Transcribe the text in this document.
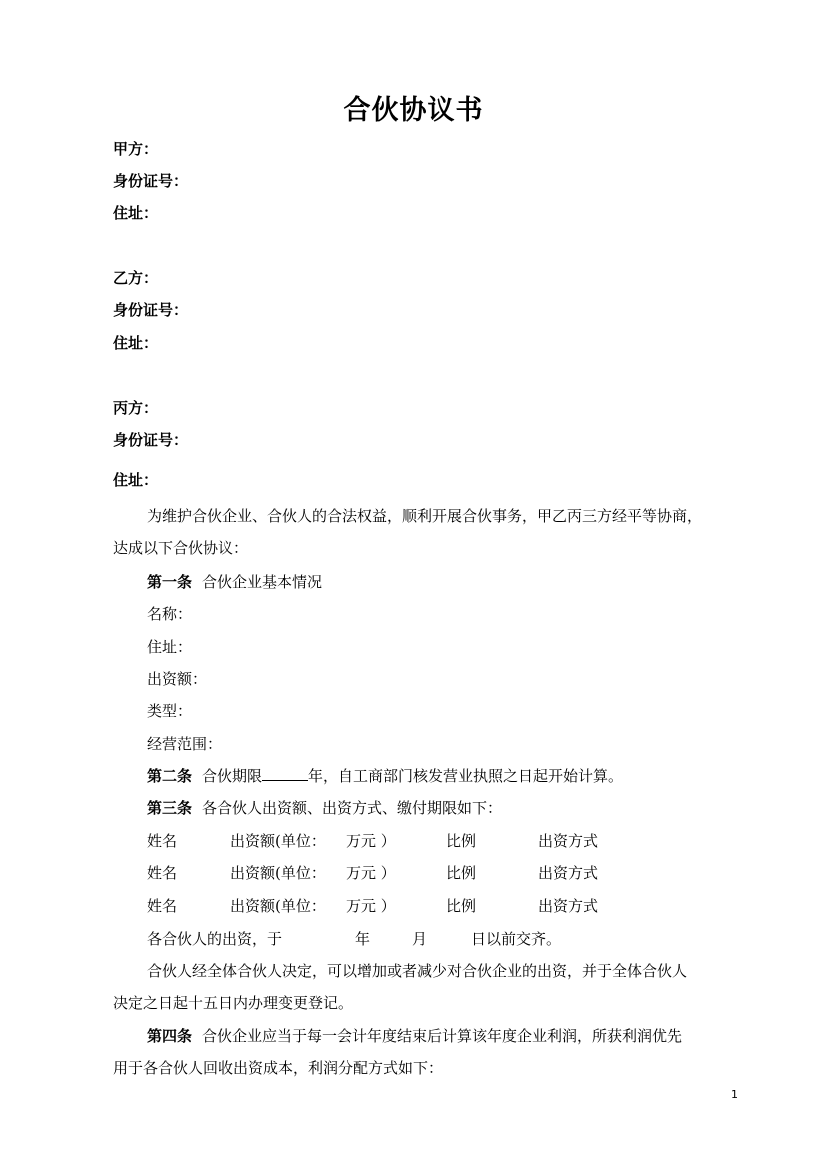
合伙协议书
甲方：
身份证号：
住址：
乙方：
身份证号：
住址：
丙方：
身份证号：
住址：
为维护合伙企业、合伙人的合法权益，顺利开展合伙事务，甲乙丙三方经平等协商，
达成以下合伙协议：
第一条 合伙企业基本情况
名称：
住址：
出资额：
类型：
经营范围：
第二条 合伙期限	年，自工商部门核发营业执照之日起开始计算。
第三条 各合伙人出资额、出资方式、缴付期限如下：
姓名	出资额(单位： 万元 ）	比例	出资方式
姓名	出资额(单位： 万元 ）	比例	出资方式
姓名	出资额(单位： 万元 ）	比例	出资方式
各合伙人的出资，于	年	月	日以前交齐。
合伙人经全体合伙人决定，可以增加或者减少对合伙企业的出资，并于全体合伙人
决定之日起十五日内办理变更登记。
第四条 合伙企业应当于每一会计年度结束后计算该年度企业利润，所获利润优先
用于各合伙人回收出资成本，利润分配方式如下：
1
